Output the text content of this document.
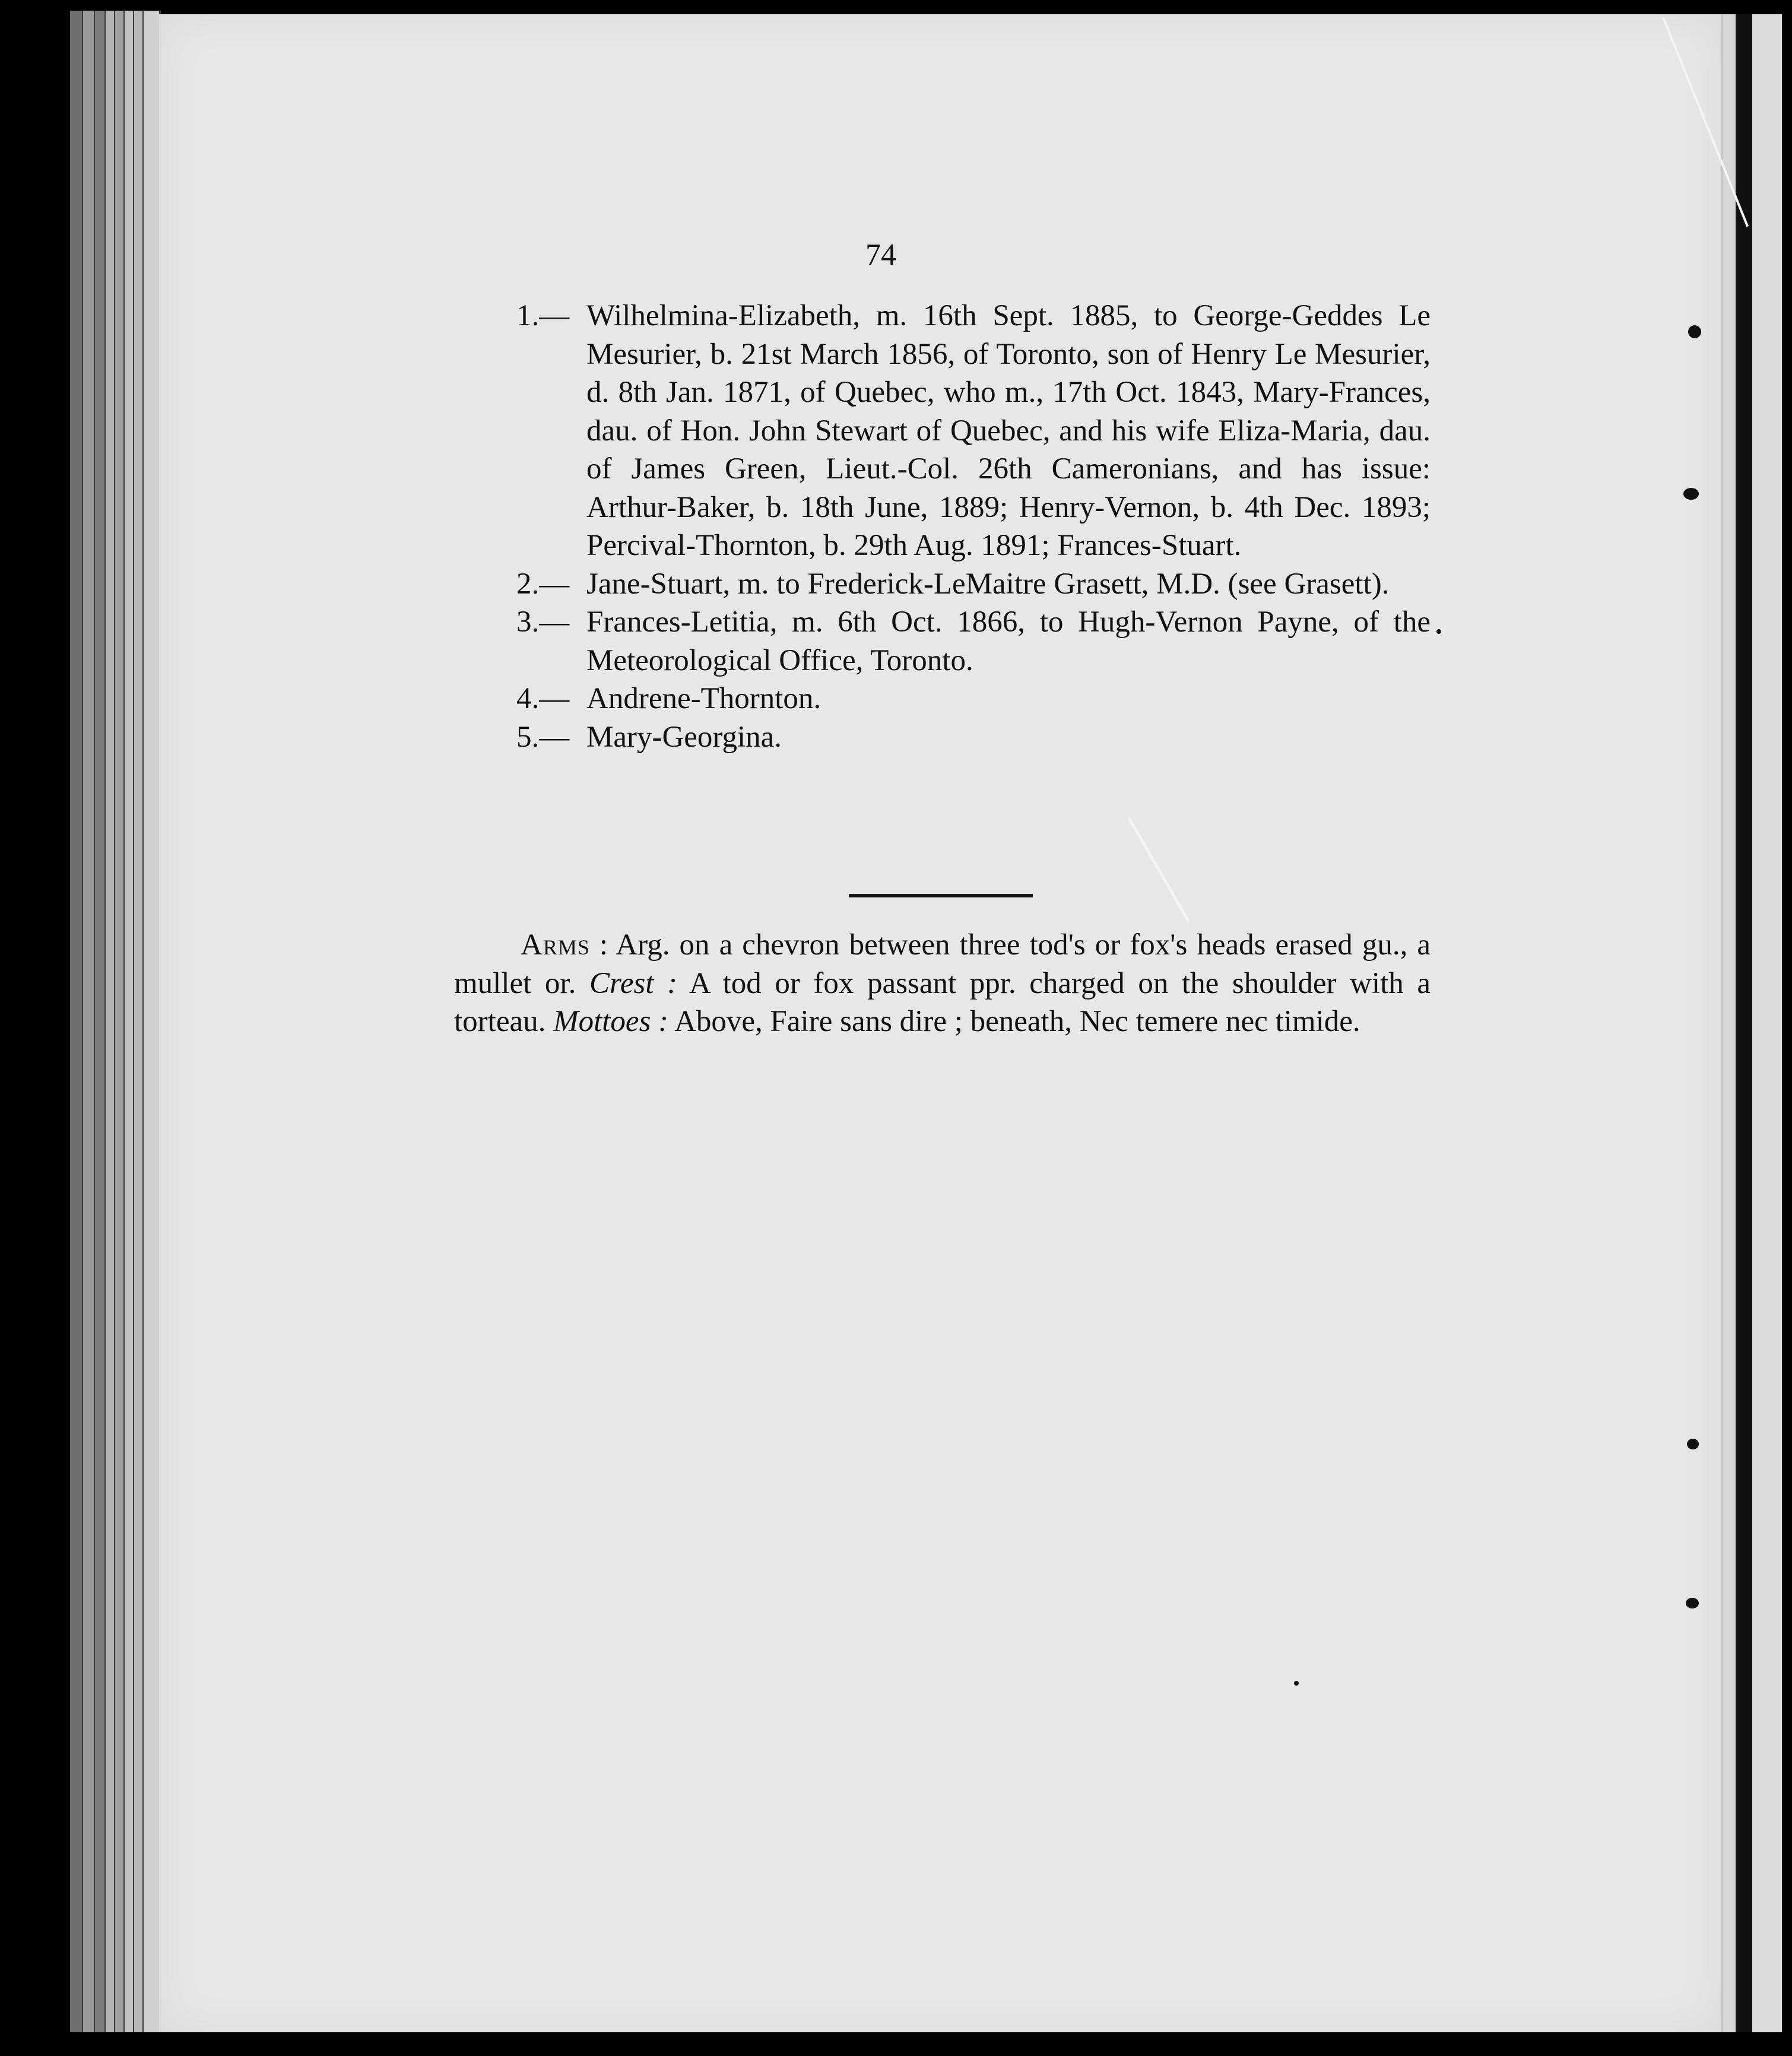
74
1.— Wilhelmina-Elizabeth, m. 16th Sept. 1885, to George-Geddes Le Mesurier, b. 21st March 1856, of Toronto, son of Henry Le Mesurier, d. 8th Jan. 1871, of Quebec, who m., 17th Oct. 1843, Mary-Frances, dau. of Hon. John Stewart of Quebec, and his wife Eliza-Maria, dau. of James Green, Lieut.-Col. 26th Cameronians, and has issue: Arthur-Baker, b. 18th June, 1889; Henry-Vernon, b. 4th Dec. 1893; Percival-Thornton, b. 29th Aug. 1891; Frances-Stuart.
2.— Jane-Stuart, m. to Frederick-LeMaitre Grasett, M.D. (see Grasett).
3.— Frances-Letitia, m. 6th Oct. 1866, to Hugh-Vernon Payne, of the Meteorological Office, Toronto.
4.— Andrene-Thornton.
5.— Mary-Georgina.

Arms : Arg. on a chevron between three tod's or fox's heads erased gu., a mullet or. Crest : A tod or fox passant ppr. charged on the shoulder with a torteau. Mottoes : Above, Faire sans dire ; beneath, Nec temere nec timide.
